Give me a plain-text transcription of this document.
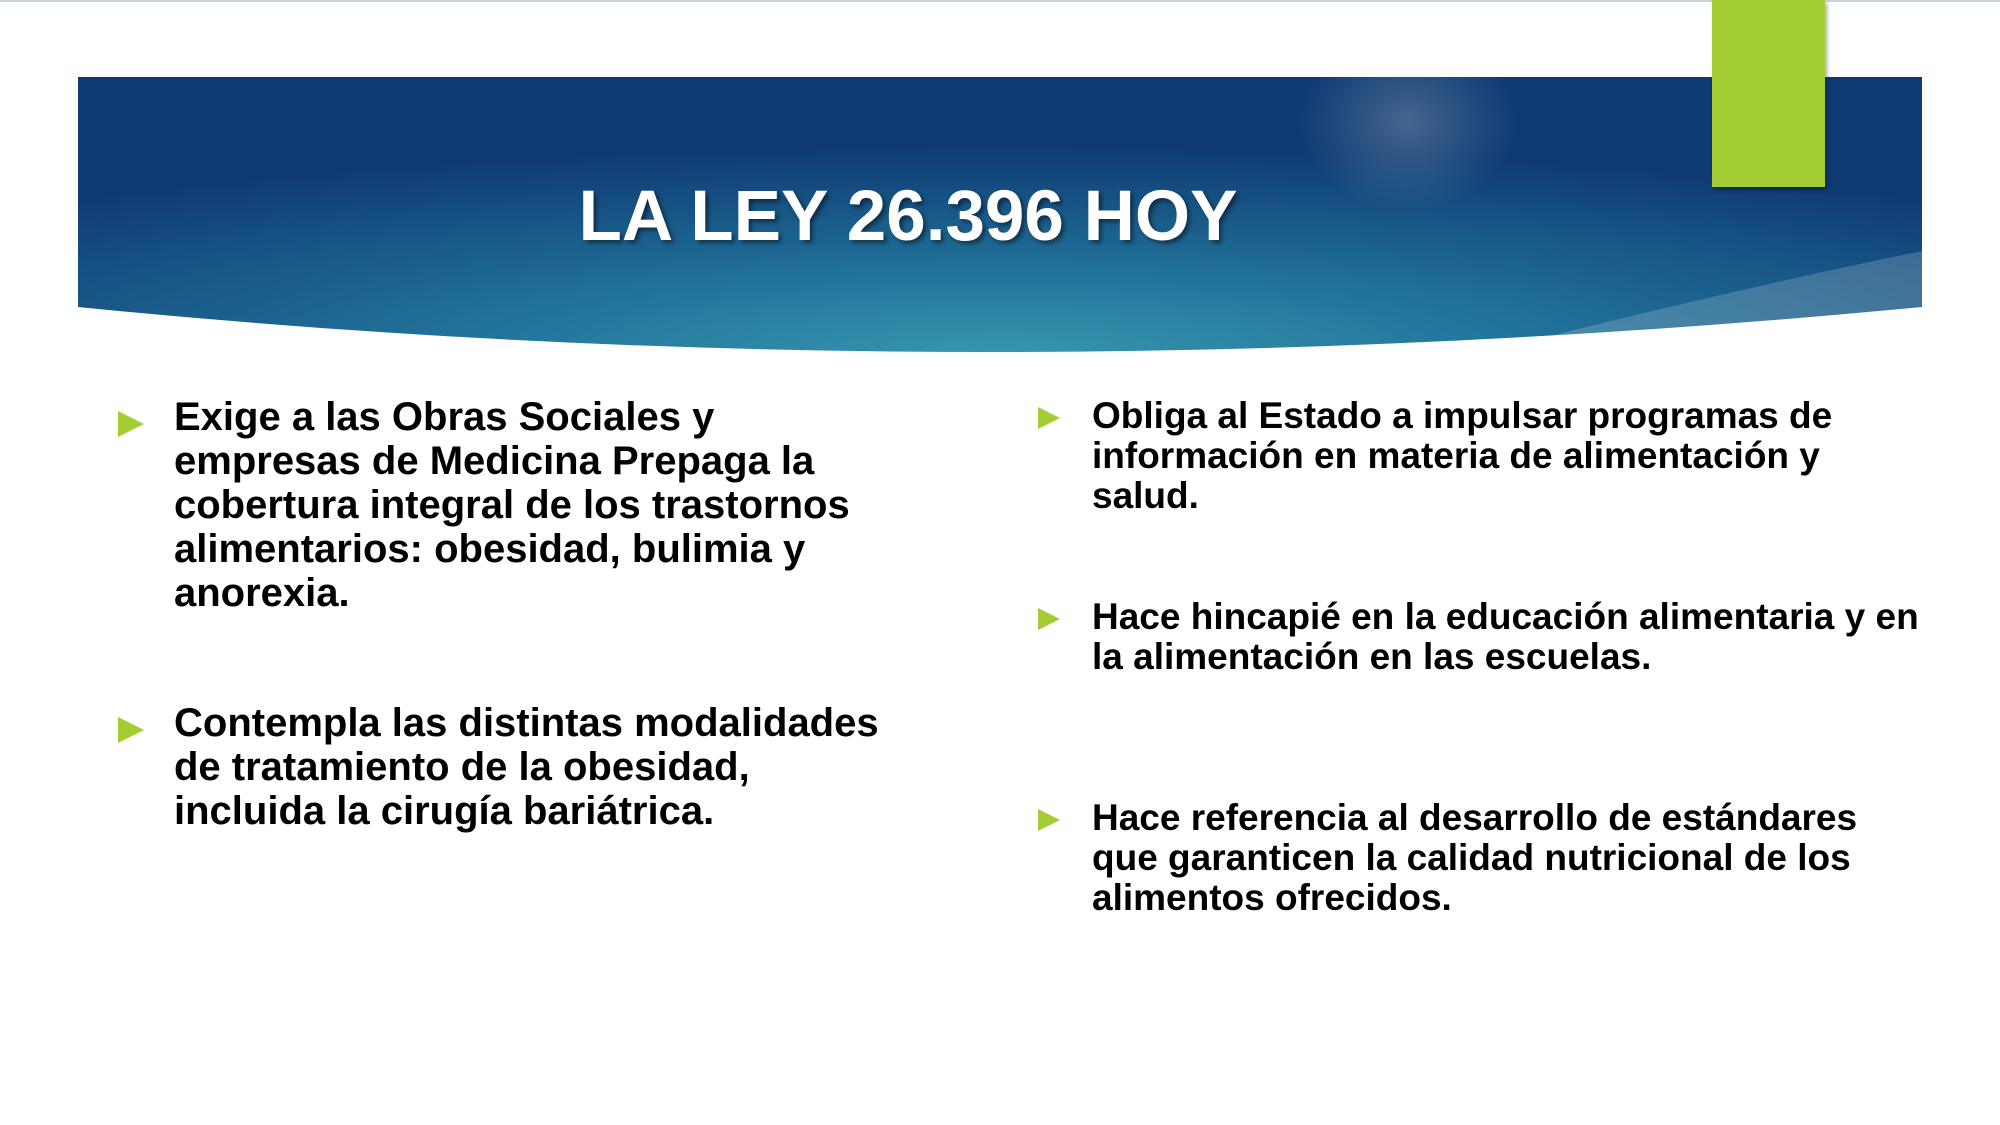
LA LEY 26.396 HOY
Exige a las Obras Sociales y empresas de Medicina Prepaga la cobertura integral de los trastornos alimentarios: obesidad, bulimia y anorexia.
Contempla las distintas modalidades de tratamiento de la obesidad, incluida la cirugía bariátrica.
Obliga al Estado a impulsar programas de información en materia de alimentación y salud.
Hace hincapié en la educación alimentaria y en la alimentación en las escuelas.
Hace referencia al desarrollo de estándares que garanticen la calidad nutricional de los alimentos ofrecidos.
